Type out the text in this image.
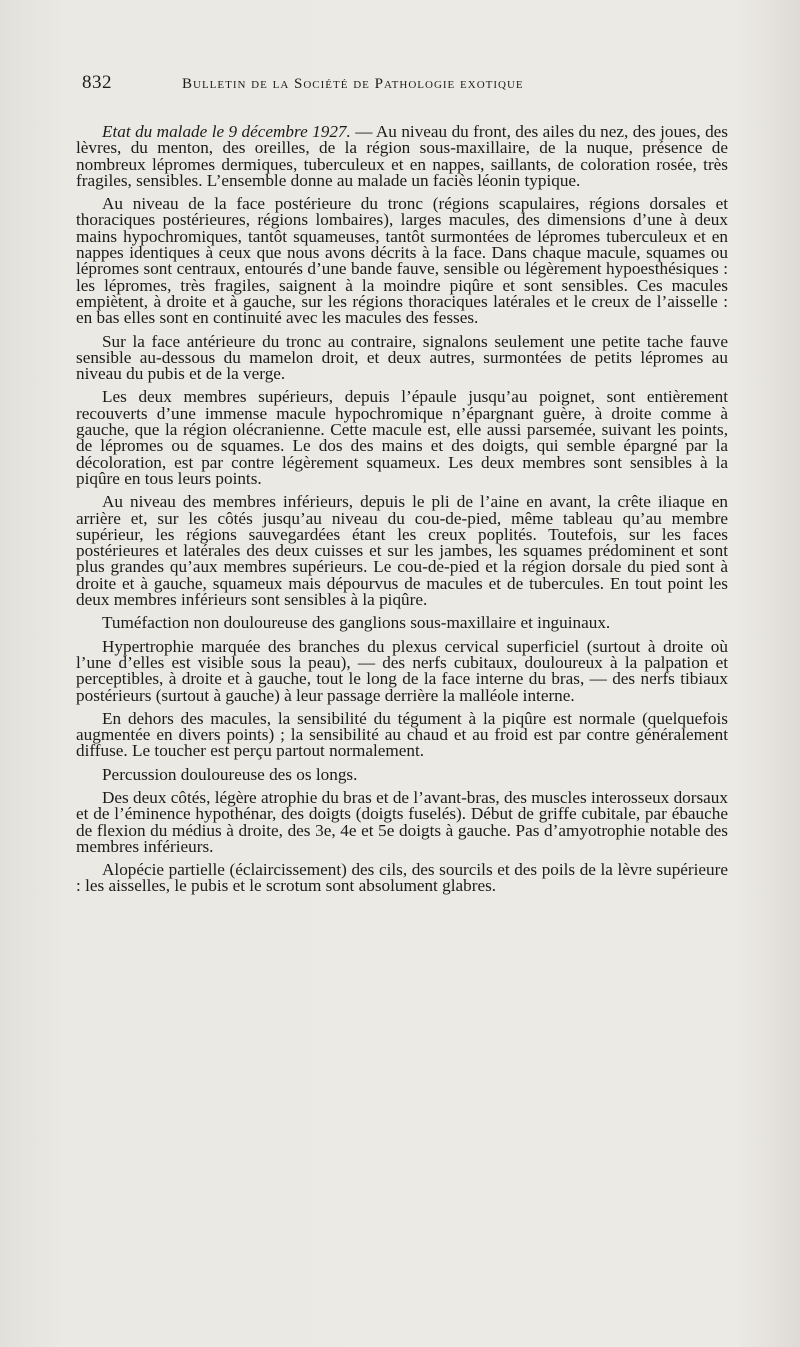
832	Bulletin de la Société de Pathologie exotique

Etat du malade le 9 décembre 1927. — Au niveau du front, des ailes du nez, des joues, des lèvres, du menton, des oreilles, de la région sous-maxillaire, de la nuque, présence de nombreux lépromes dermiques, tuberculeux et en nappes, saillants, de coloration rosée, très fragiles, sensibles. L’ensemble donne au malade un faciès léonin typique.

Au niveau de la face postérieure du tronc (régions scapulaires, régions dorsales et thoraciques postérieures, régions lombaires), larges macules, des dimensions d’une à deux mains hypochromiques, tantôt squameuses, tantôt surmontées de lépromes tuberculeux et en nappes identiques à ceux que nous avons décrits à la face. Dans chaque macule, squames ou lépromes sont centraux, entourés d’une bande fauve, sensible ou légèrement hypoesthésiques : les lépromes, très fragiles, saignent à la moindre piqûre et sont sensibles. Ces macules empiètent, à droite et à gauche, sur les régions thoraciques latérales et le creux de l’aisselle : en bas elles sont en continuité avec les macules des fesses.

Sur la face antérieure du tronc au contraire, signalons seulement une petite tache fauve sensible au-dessous du mamelon droit, et deux autres, surmontées de petits lépromes au niveau du pubis et de la verge.

Les deux membres supérieurs, depuis l’épaule jusqu’au poignet, sont entièrement recouverts d’une immense macule hypochromique n’épargnant guère, à droite comme à gauche, que la région olécranienne. Cette macule est, elle aussi parsemée, suivant les points, de lépromes ou de squames. Le dos des mains et des doigts, qui semble épargné par la décoloration, est par contre légèrement squameux. Les deux membres sont sensibles à la piqûre en tous leurs points.

Au niveau des membres inférieurs, depuis le pli de l’aine en avant, la crête iliaque en arrière et, sur les côtés jusqu’au niveau du cou-de-pied, même tableau qu’au membre supérieur, les régions sauvegardées étant les creux poplités. Toutefois, sur les faces postérieures et latérales des deux cuisses et sur les jambes, les squames prédominent et sont plus grandes qu’aux membres supérieurs. Le cou-de-pied et la région dorsale du pied sont à droite et à gauche, squameux mais dépourvus de macules et de tubercules. En tout point les deux membres inférieurs sont sensibles à la piqûre.

Tuméfaction non douloureuse des ganglions sous-maxillaire et inguinaux.

Hypertrophie marquée des branches du plexus cervical superficiel (surtout à droite où l’une d’elles est visible sous la peau), — des nerfs cubitaux, douloureux à la palpation et perceptibles, à droite et à gauche, tout le long de la face interne du bras, — des nerfs tibiaux postérieurs (surtout à gauche) à leur passage derrière la malléole interne.

En dehors des macules, la sensibilité du tégument à la piqûre est normale (quelquefois augmentée en divers points) ; la sensibilité au chaud et au froid est par contre généralement diffuse. Le toucher est perçu partout normalement.

Percussion douloureuse des os longs.

Des deux côtés, légère atrophie du bras et de l’avant-bras, des muscles interosseux dorsaux et de l’éminence hypothénar, des doigts (doigts fuselés). Début de griffe cubitale, par ébauche de flexion du médius à droite, des 3e, 4e et 5e doigts à gauche. Pas d’amyotrophie notable des membres inférieurs.

Alopécie partielle (éclaircissement) des cils, des sourcils et des poils de la lèvre supérieure : les aisselles, le pubis et le scrotum sont absolument glabres.
